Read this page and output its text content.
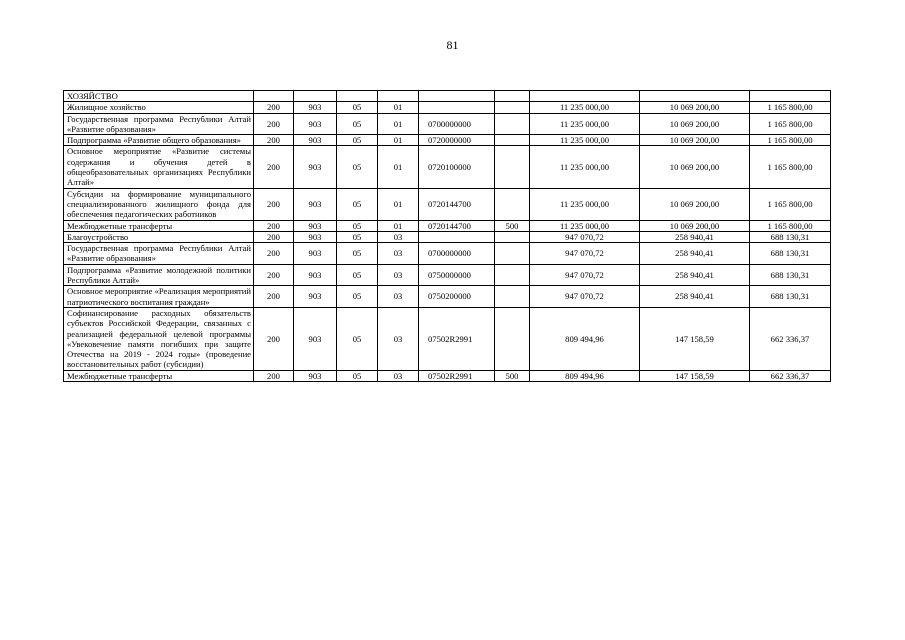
81
ХОЗЯЙСТВО									
Жилищное хозяйство	200	903	05	01			11 235 000,00	10 069 200,00	1 165 800,00
Государственная программа Республики Алтай «Развитие образования»	200	903	05	01	0700000000		11 235 000,00	10 069 200,00	1 165 800,00
Подпрограмма «Развитие общего образования»	200	903	05	01	0720000000		11 235 000,00	10 069 200,00	1 165 800,00
Основное мероприятие «Развитие системы содержания и обучения детей в общеобразовательных организациях Республики Алтай»	200	903	05	01	0720100000		11 235 000,00	10 069 200,00	1 165 800,00
Субсидии на формирование муниципального специализированного жилищного фонда для обеспечения педагогических работников	200	903	05	01	0720144700		11 235 000,00	10 069 200,00	1 165 800,00
Межбюджетные трансферты	200	903	05	01	0720144700	500	11 235 000,00	10 069 200,00	1 165 800,00
Благоустройство	200	903	05	03			947 070,72	258 940,41	688 130,31
Государственная программа Республики Алтай «Развитие образования»	200	903	05	03	0700000000		947 070,72	258 940,41	688 130,31
Подпрограмма «Развитие молодежной политики Республики Алтай»	200	903	05	03	0750000000		947 070,72	258 940,41	688 130,31
Основное мероприятие «Реализация мероприятий патриотического воспитания граждан»	200	903	05	03	0750200000		947 070,72	258 940,41	688 130,31
Софинансирование расходных обязательств субъектов Российской Федерации, связанных с реализацией федеральной целевой программы «Увековечение памяти погибших при защите Отечества на 2019 - 2024 годы» (проведение восстановительных работ (субсидии)	200	903	05	03	07502R2991		809 494,96	147 158,59	662 336,37
Межбюджетные трансферты	200	903	05	03	07502R2991	500	809 494,96	147 158,59	662 336,37
